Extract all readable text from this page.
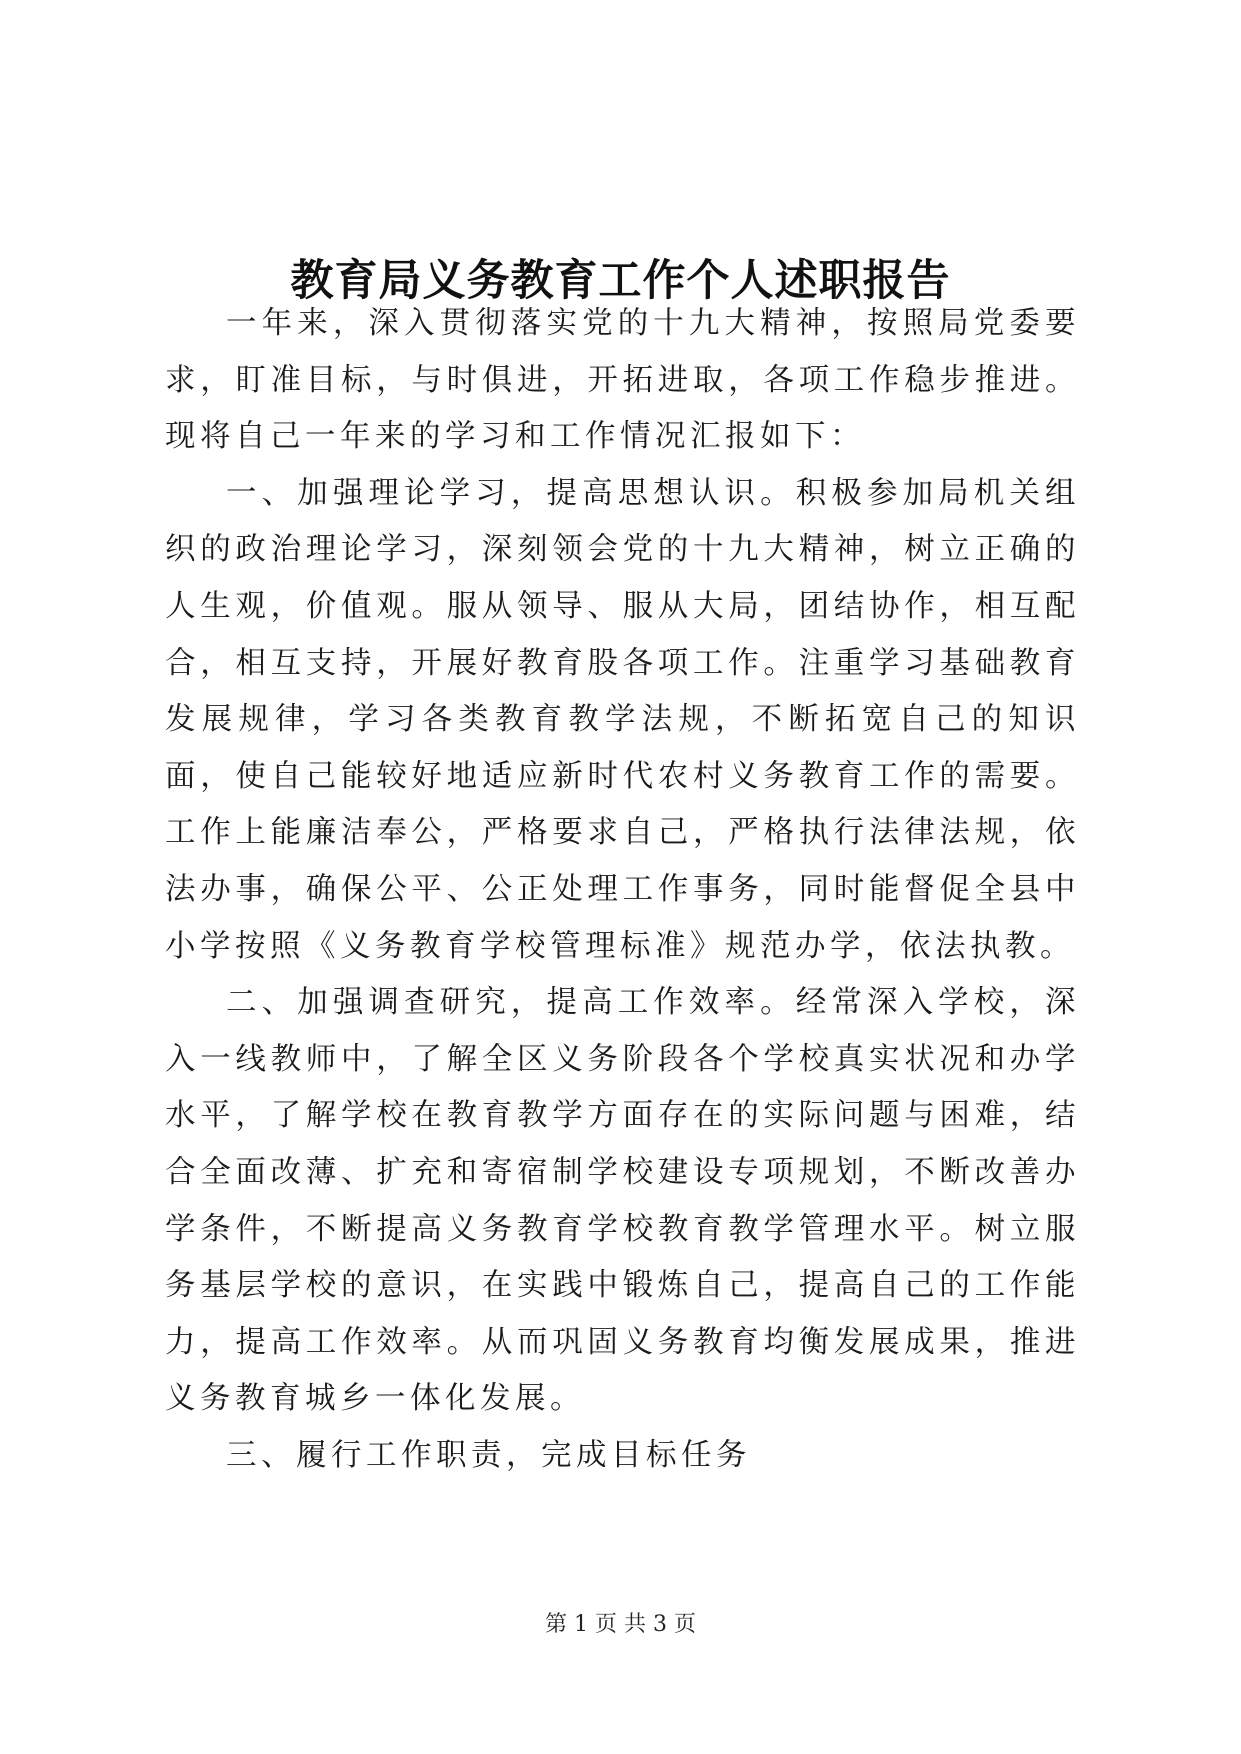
教育局义务教育工作个人述职报告

一年来，深入贯彻落实党的十九大精神，按照局党委要求，盯准目标，与时俱进，开拓进取，各项工作稳步推进。现将自己一年来的学习和工作情况汇报如下：

一、加强理论学习，提高思想认识。积极参加局机关组织的政治理论学习，深刻领会党的十九大精神，树立正确的人生观，价值观。服从领导、服从大局，团结协作，相互配合，相互支持，开展好教育股各项工作。注重学习基础教育发展规律，学习各类教育教学法规，不断拓宽自己的知识面，使自己能较好地适应新时代农村义务教育工作的需要。工作上能廉洁奉公，严格要求自己，严格执行法律法规，依法办事，确保公平、公正处理工作事务，同时能督促全县中小学按照《义务教育学校管理标准》规范办学，依法执教。

二、加强调查研究，提高工作效率。经常深入学校，深入一线教师中，了解全区义务阶段各个学校真实状况和办学水平，了解学校在教育教学方面存在的实际问题与困难，结合全面改薄、扩充和寄宿制学校建设专项规划，不断改善办学条件，不断提高义务教育学校教育教学管理水平。树立服务基层学校的意识，在实践中锻炼自己，提高自己的工作能力，提高工作效率。从而巩固义务教育均衡发展成果，推进义务教育城乡一体化发展。

三、履行工作职责，完成目标任务

第 1 页 共 3 页
